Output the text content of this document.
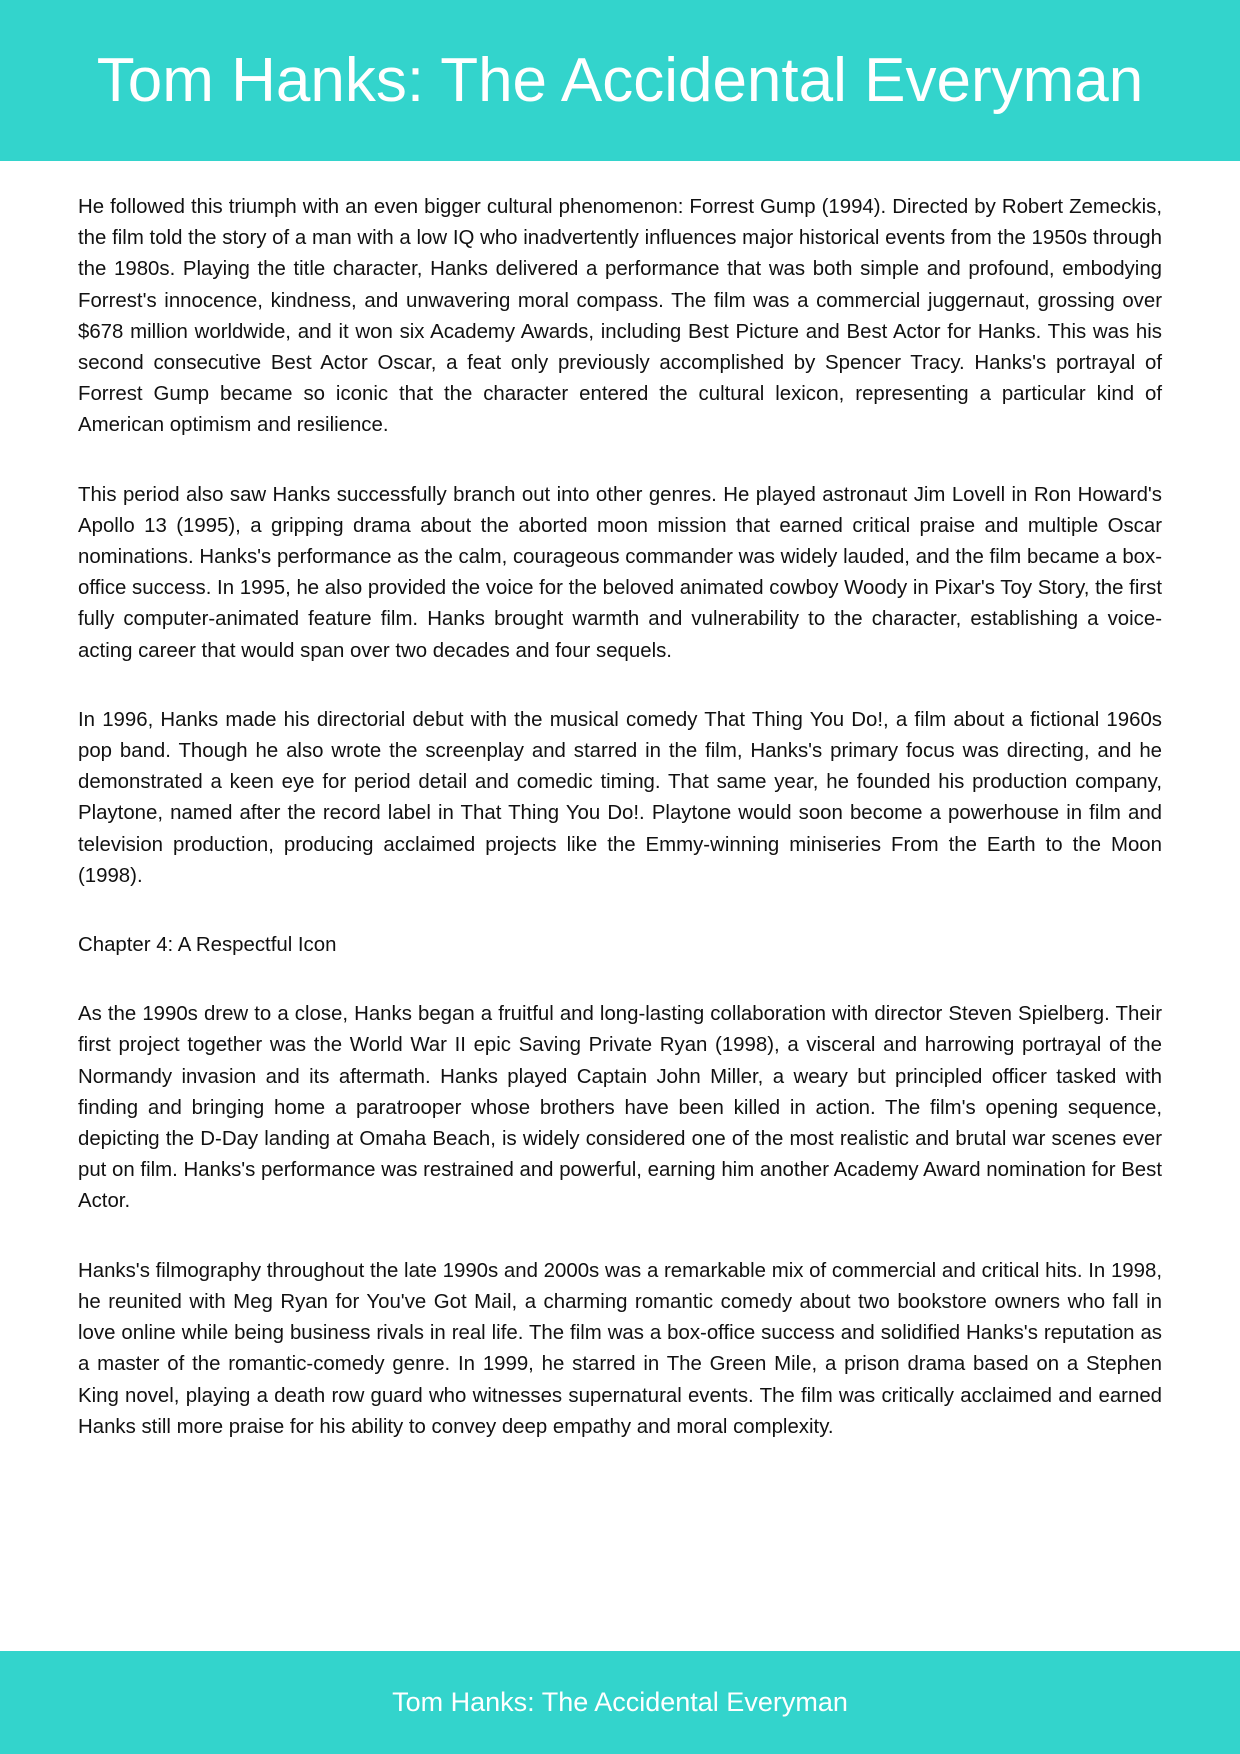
Tom Hanks: The Accidental Everyman

He followed this triumph with an even bigger cultural phenomenon: Forrest Gump (1994). Directed by Robert Zemeckis, the film told the story of a man with a low IQ who inadvertently influences major historical events from the 1950s through the 1980s. Playing the title character, Hanks delivered a performance that was both simple and profound, embodying Forrest's innocence, kindness, and unwavering moral compass. The film was a commercial juggernaut, grossing over $678 million worldwide, and it won six Academy Awards, including Best Picture and Best Actor for Hanks. This was his second consecutive Best Actor Oscar, a feat only previously accomplished by Spencer Tracy. Hanks's portrayal of Forrest Gump became so iconic that the character entered the cultural lexicon, representing a particular kind of American optimism and resilience.

This period also saw Hanks successfully branch out into other genres. He played astronaut Jim Lovell in Ron Howard's Apollo 13 (1995), a gripping drama about the aborted moon mission that earned critical praise and multiple Oscar nominations. Hanks's performance as the calm, courageous commander was widely lauded, and the film became a box-office success. In 1995, he also provided the voice for the beloved animated cowboy Woody in Pixar's Toy Story, the first fully computer-animated feature film. Hanks brought warmth and vulnerability to the character, establishing a voice-acting career that would span over two decades and four sequels.

In 1996, Hanks made his directorial debut with the musical comedy That Thing You Do!, a film about a fictional 1960s pop band. Though he also wrote the screenplay and starred in the film, Hanks's primary focus was directing, and he demonstrated a keen eye for period detail and comedic timing. That same year, he founded his production company, Playtone, named after the record label in That Thing You Do!. Playtone would soon become a powerhouse in film and television production, producing acclaimed projects like the Emmy-winning miniseries From the Earth to the Moon (1998).

Chapter 4: A Respectful Icon

As the 1990s drew to a close, Hanks began a fruitful and long-lasting collaboration with director Steven Spielberg. Their first project together was the World War II epic Saving Private Ryan (1998), a visceral and harrowing portrayal of the Normandy invasion and its aftermath. Hanks played Captain John Miller, a weary but principled officer tasked with finding and bringing home a paratrooper whose brothers have been killed in action. The film's opening sequence, depicting the D-Day landing at Omaha Beach, is widely considered one of the most realistic and brutal war scenes ever put on film. Hanks's performance was restrained and powerful, earning him another Academy Award nomination for Best Actor.

Hanks's filmography throughout the late 1990s and 2000s was a remarkable mix of commercial and critical hits. In 1998, he reunited with Meg Ryan for You've Got Mail, a charming romantic comedy about two bookstore owners who fall in love online while being business rivals in real life. The film was a box-office success and solidified Hanks's reputation as a master of the romantic-comedy genre. In 1999, he starred in The Green Mile, a prison drama based on a Stephen King novel, playing a death row guard who witnesses supernatural events. The film was critically acclaimed and earned Hanks still more praise for his ability to convey deep empathy and moral complexity.

Tom Hanks: The Accidental Everyman
